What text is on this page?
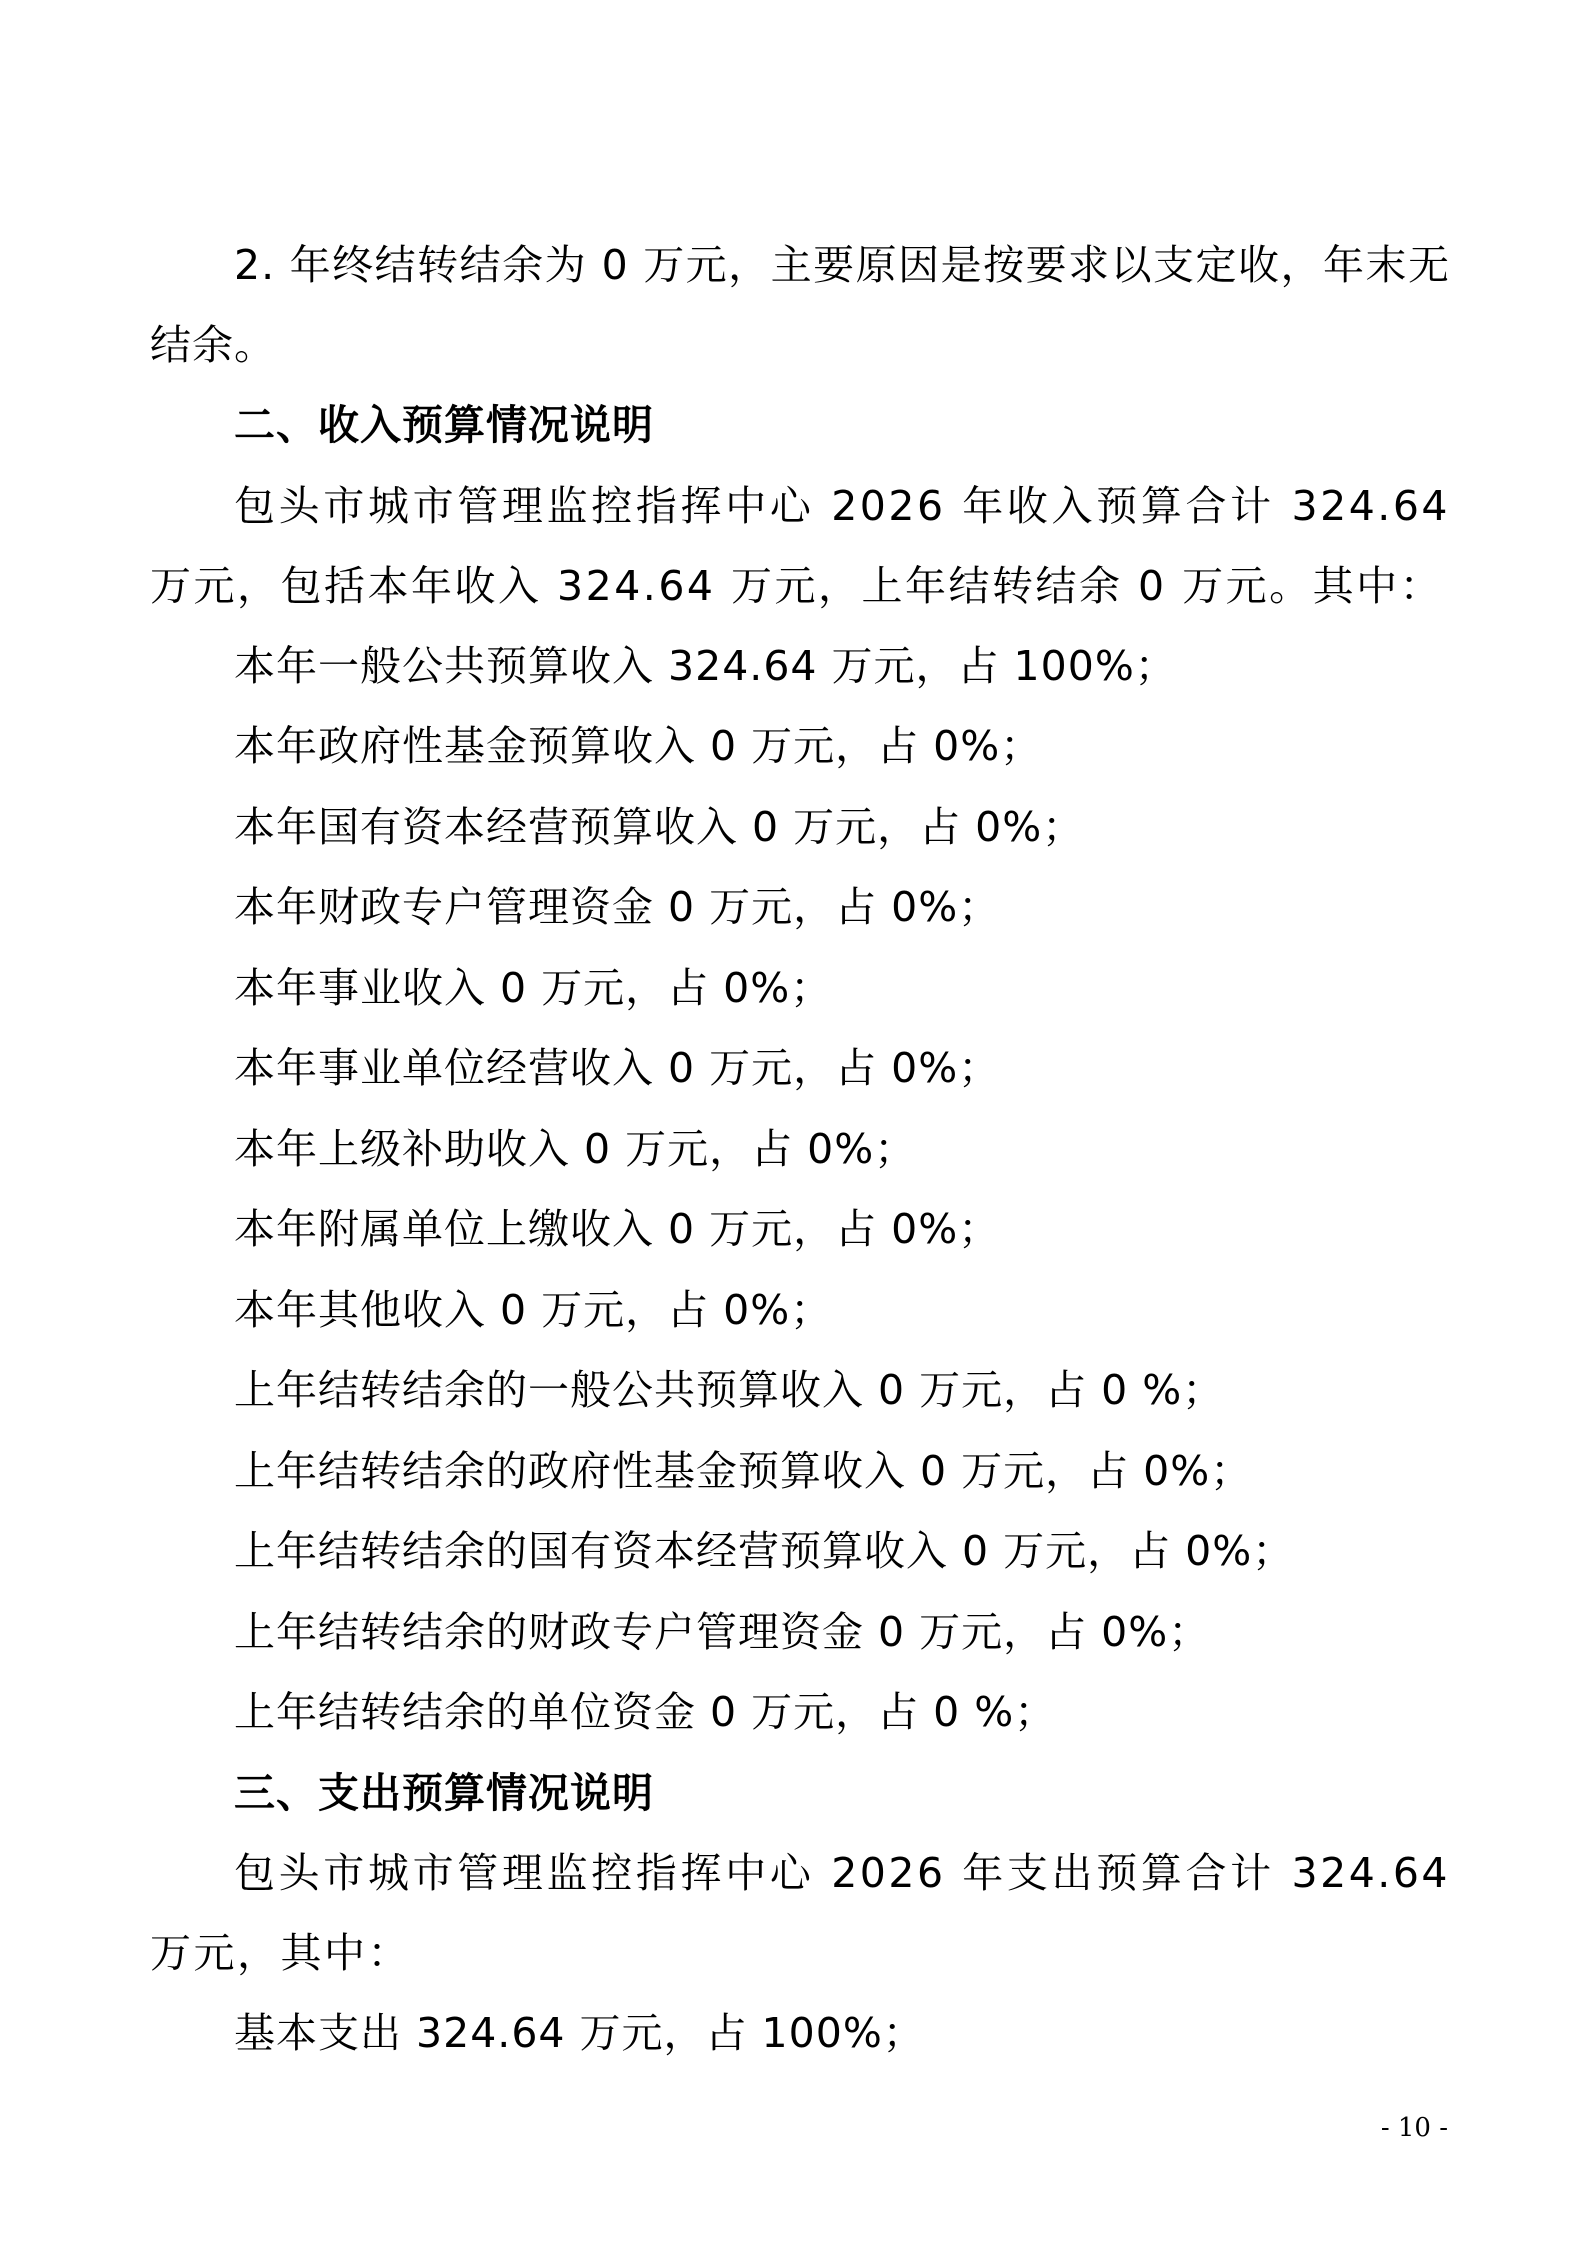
2. 年终结转结余为 0 万元，主要原因是按要求以支定收，年末无结余。

二、收入预算情况说明

包头市城市管理监控指挥中心 2026 年收入预算合计 324.64 万元，包括本年收入 324.64 万元，上年结转结余 0 万元。其中：

本年一般公共预算收入 324.64 万元，占 100%；

本年政府性基金预算收入 0 万元，占 0%；

本年国有资本经营预算收入 0 万元，占 0%；

本年财政专户管理资金 0 万元，占 0%；

本年事业收入 0 万元，占 0%；

本年事业单位经营收入 0 万元，占 0%；

本年上级补助收入 0 万元，占 0%；

本年附属单位上缴收入 0 万元，占 0%；

本年其他收入 0 万元，占 0%；

上年结转结余的一般公共预算收入 0 万元，占 0 %；

上年结转结余的政府性基金预算收入 0 万元，占 0%；

上年结转结余的国有资本经营预算收入 0 万元，占 0%；

上年结转结余的财政专户管理资金 0 万元，占 0%；

上年结转结余的单位资金 0 万元，占 0 %；

三、支出预算情况说明

包头市城市管理监控指挥中心 2026 年支出预算合计 324.64 万元，其中：

基本支出 324.64 万元，占 100%；

- 10 -
